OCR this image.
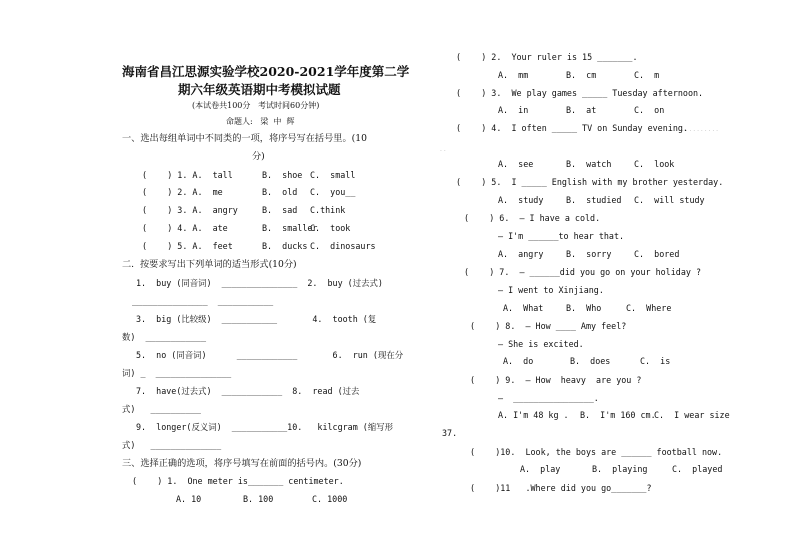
海南省昌江思源实验学校2020-2021学年度第二学
期六年级英语期中考模拟试题
(本试卷共100分   考试时间60分钟)
命题人:   梁  中  辉
一、选出每组单词中不同类的一项，将序号写在括号里。(10
分)
(    ) 1. A.  tall	B.  shoe C.  small
(    ) 2. A.  me	B.  old C.  you__
(    ) 3. A.  angry	B.  sad C.think
(    ) 4. A.  ate	B.  smaller
C.  took
(    ) 5. A.  feet	B.  ducks C.  dinosaurs
二.  按要求写出下列单词的适当形式(10分)
1.  buy (同音词)  _______________  2.  buy (过去式)
_______________  ___________
3.  big (比较级)  ___________       4.  tooth (复
数)  ____________
5.  no (同音词)      ____________       6.  run (现在分
词) _  _______________
7.  have(过去式)  ____________  8.  read (过去
式)   __________
9.  longer(反义词)  ___________10.   kilcgram (缩写形
式)   ______________
三、选择正确的选项，将序号填写在前面的括号内。(30分)
(    ) 1.  One meter is_______ centimeter.
A. 10	B. 100	C. 1000
(    ) 2.  Your ruler is 15 _______.
A.  mm	B.  cm	C.  m
(    ) 3.  We play games _____ Tuesday afternoon.
A.  in	B.  at	C.  on
(    ) 4.  I often _____ TV on Sunday evening.
. . . . . . . . . . .
. .
A.  see	B.  watch	C.  look
(    ) 5.  I _____ English with my brother yesterday.
A.  study	B.  studied C.  will study
(    ) 6.  — I have a cold.
— I'm ______to hear that.
A.  angry	B.  sorry	C.  bored
(    ) 7.  — ______did you go on your holiday ?
— I went to Xinjiang.
A.  What	B.  Who	C.  Where
(    ) 8.  — How ____ Amy feel?
— She is excited.
A.  do	B.  does	C.  is
(    ) 9.  — How  heavy  are you ?
—  ________________.
A. I'm 48 kg . B.  I'm 160 cm.
C.  I wear size
37.
(    )10.  Look, the boys are ______ football now.
A.  play	B.  playing	C.  played
(    )11   .Where did you go_______?
